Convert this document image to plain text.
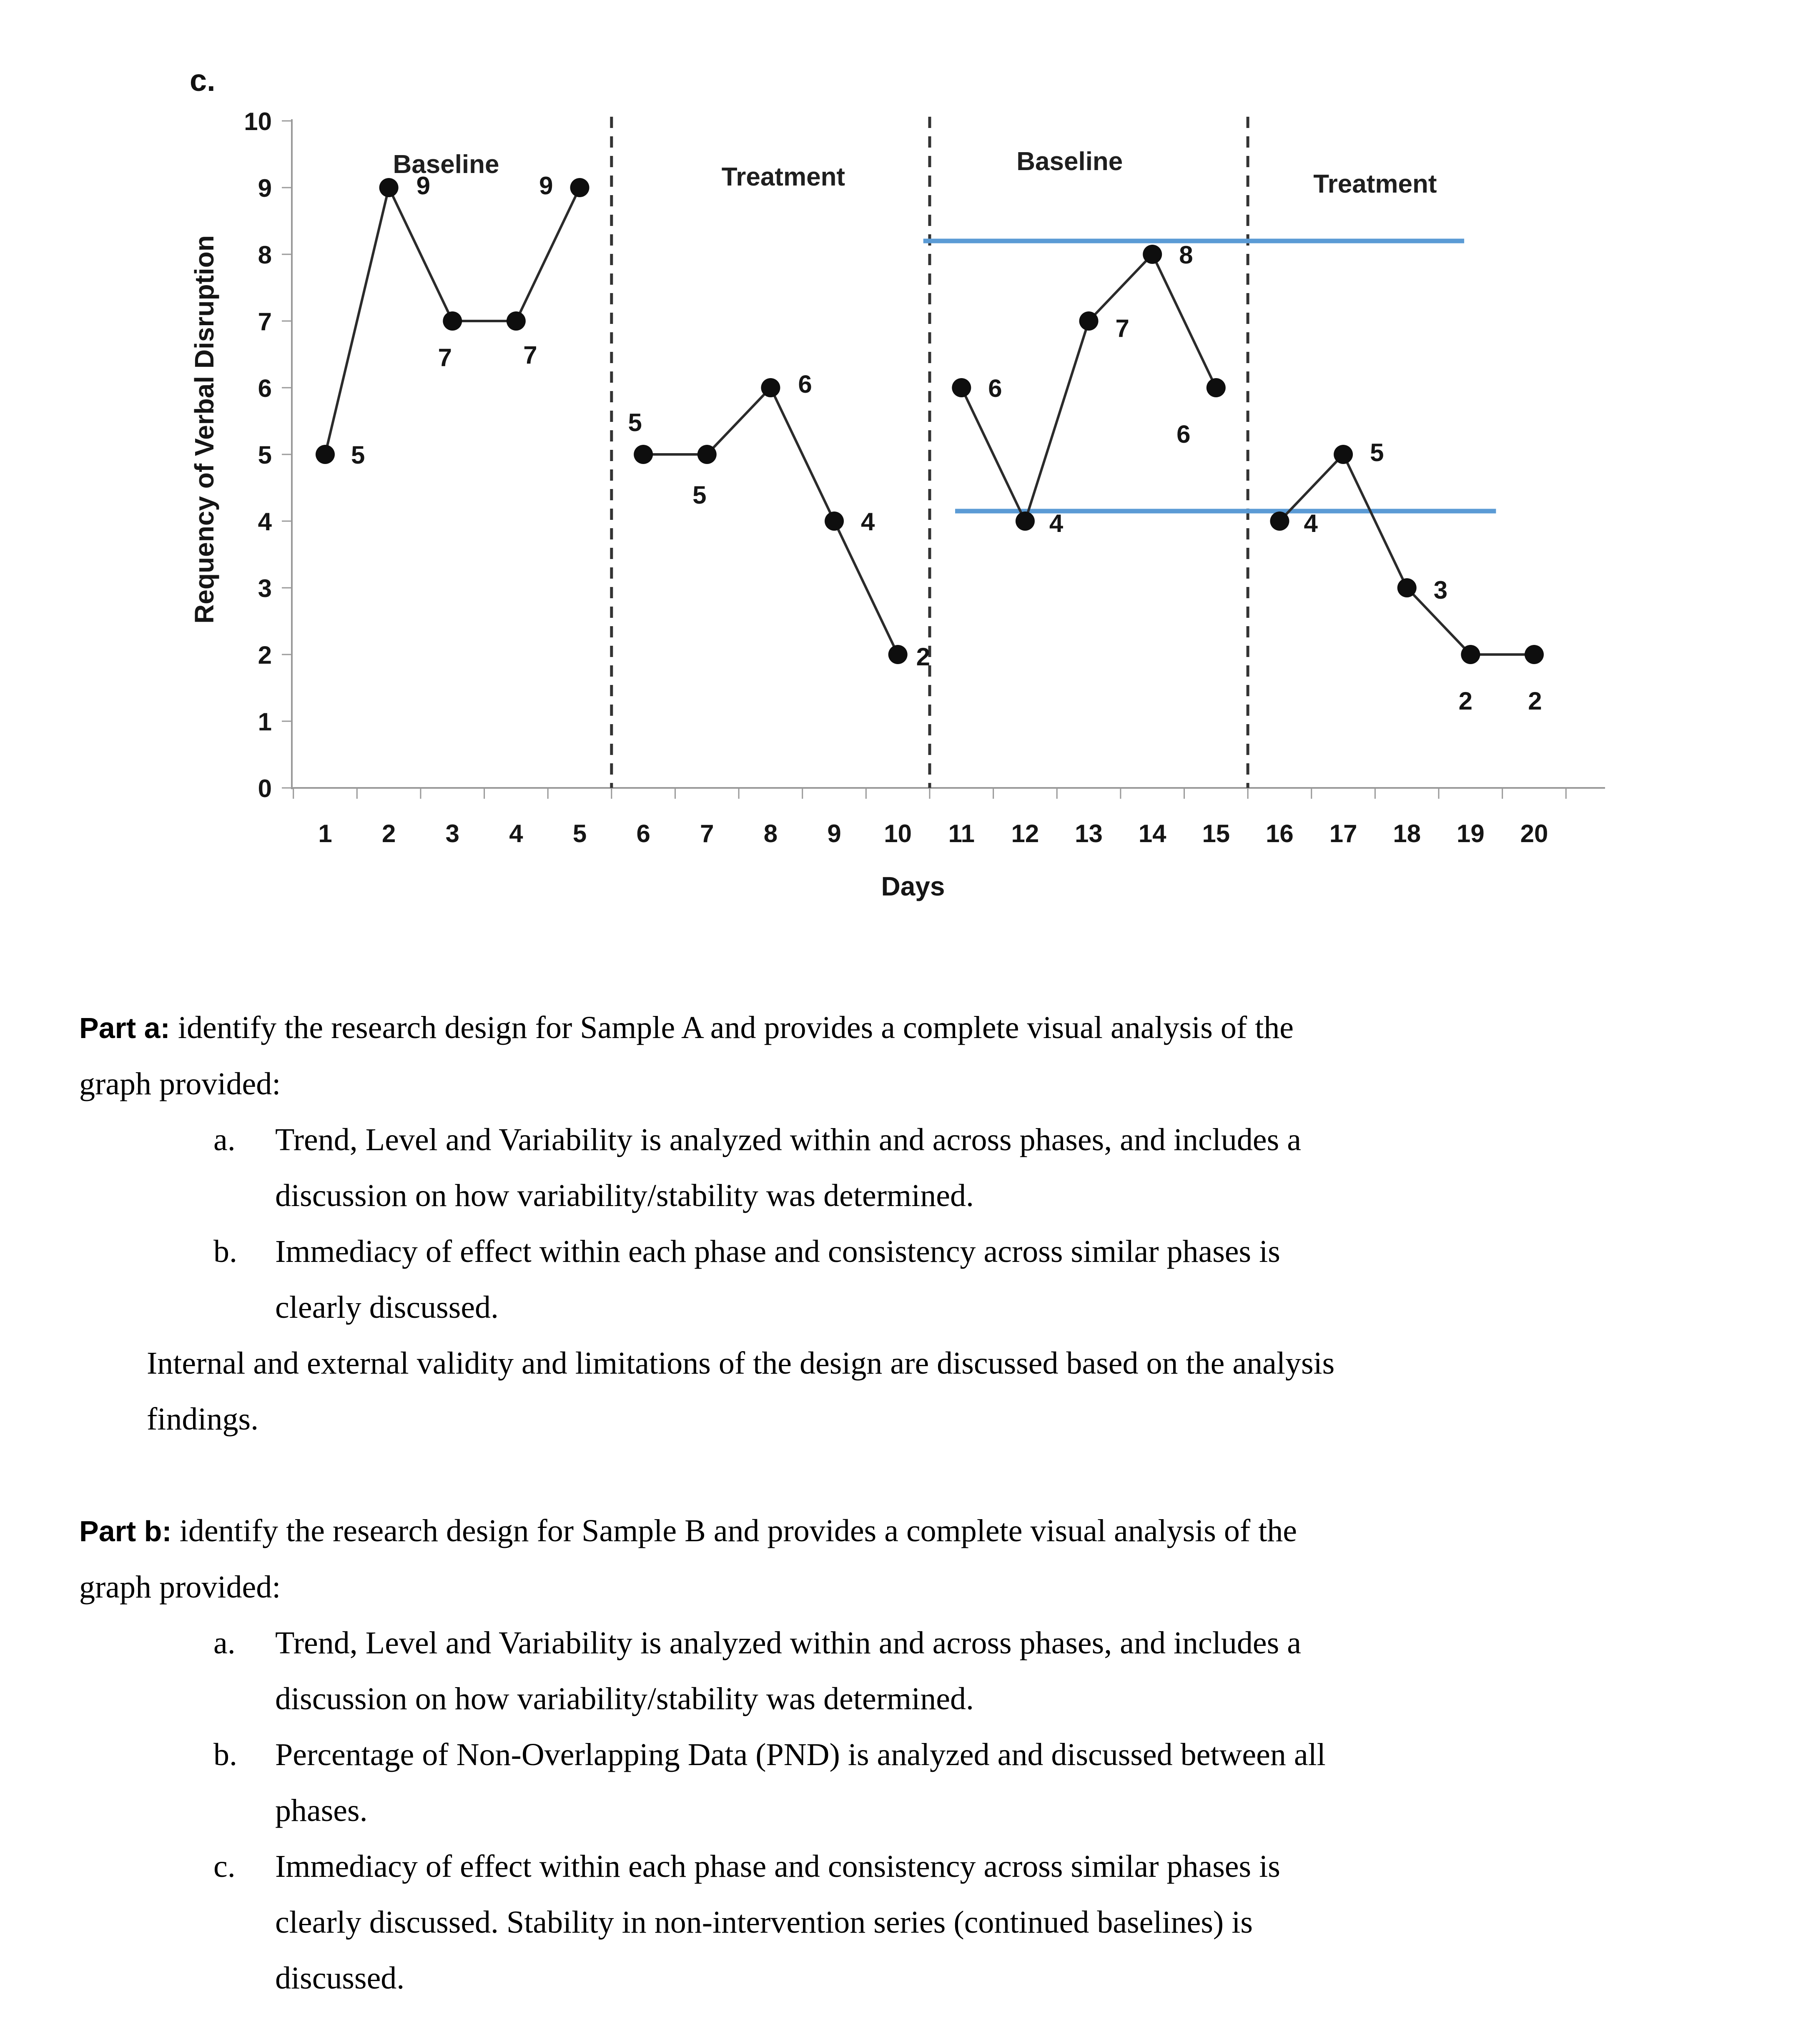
c.
0
1
2
3
4
5
6
7
8
9
10
1 2 3 4 5 6 7 8 9 10 11 12 13 14 15 16 17 18 19 20
Days
Requency of Verbal Disruption
Baseline	Treatment
Baseline
Treatment
5
9
7	7
9
5
5
6
4
2
6
4
7
8
6
4
5
3
2 2
Part a: identify the research design for Sample A and provides a complete visual analysis of the
graph provided:
a.	Trend, Level and Variability is analyzed within and across phases, and includes a
discussion on how variability/stability was determined.
b.	Immediacy of effect within each phase and consistency across similar phases is
clearly discussed.
Internal and external validity and limitations of the design are discussed based on the analysis
findings.
Part b: identify the research design for Sample B and provides a complete visual analysis of the
graph provided:
a.	Trend, Level and Variability is analyzed within and across phases, and includes a
discussion on how variability/stability was determined.
b.	Percentage of Non-Overlapping Data (PND) is analyzed and discussed between all
phases.
c.	Immediacy of effect within each phase and consistency across similar phases is
clearly discussed. Stability in non-intervention series (continued baselines) is
discussed.
